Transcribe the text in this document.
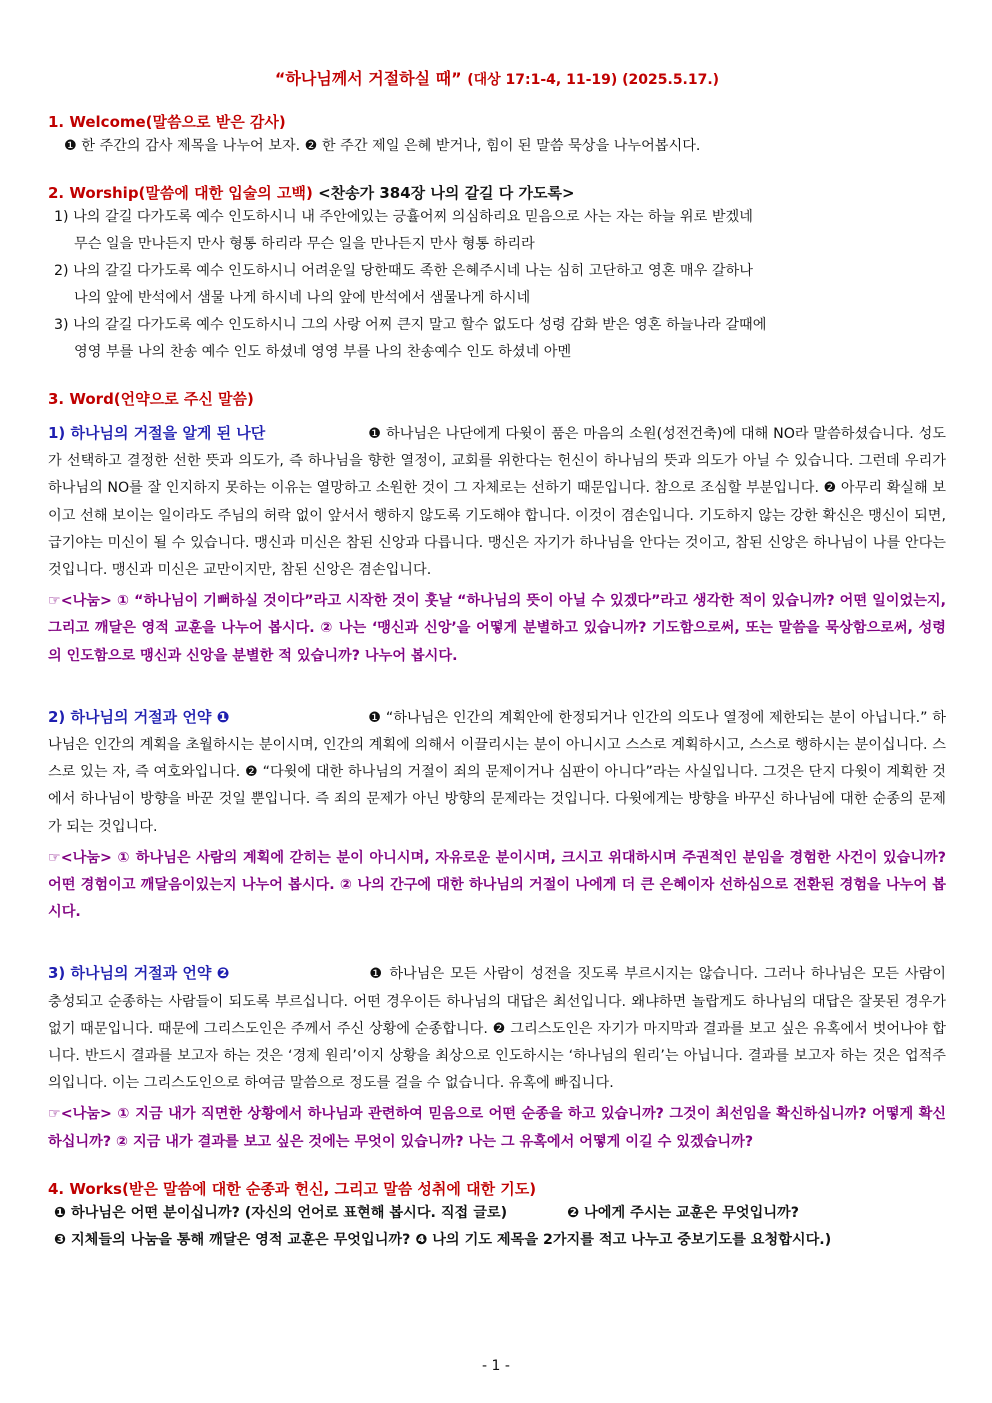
“하나님께서 거절하실 때” (대상 17:1-4, 11-19) (2025.5.17.)
1. Welcome(말씀으로 받은 감사)
❶ 한 주간의 감사 제목을 나누어 보자. ❷ 한 주간 제일 은혜 받거나, 힘이 된 말씀 묵상을 나누어봅시다.
2. Worship(말씀에 대한 입술의 고백) <찬송가 384장 나의 갈길 다 가도록>
1) 나의 갈길 다가도록 예수 인도하시니 내 주안에있는 긍휼어찌 의심하리요 믿음으로 사는 자는 하늘 위로 받겠네
무슨 일을 만나든지 만사 형통 하리라 무슨 일을 만나든지 만사 형통 하리라
2) 나의 갈길 다가도록 예수 인도하시니 어려운일 당한때도 족한 은혜주시네 나는 심히 고단하고 영혼 매우 갈하나
나의 앞에 반석에서 샘물 나게 하시네 나의 앞에 반석에서 샘물나게 하시네
3) 나의 갈길 다가도록 예수 인도하시니 그의 사랑 어찌 큰지 말고 할수 없도다 성령 감화 받은 영혼 하늘나라 갈때에
영영 부를 나의 찬송 예수 인도 하셨네 영영 부를 나의 찬송예수 인도 하셨네 아멘
3. Word(언약으로 주신 말씀)

1) 하나님의 거절을 알게 된 나단	❶ 하나님은 나단에게 다윗이 품은 마음의 소원(성전건축)에 대해 NO라 말씀하셨습니다. 성도가 선택하고 결정한 선한 뜻과 의도가, 즉 하나님을 향한 열정이, 교회를 위한다는 헌신이 하나님의 뜻과 의도가 아닐 수 있습니다. 그런데 우리가 하나님의 NO를 잘 인지하지 못하는 이유는 열망하고 소원한 것이 그 자체로는 선하기 때문입니다. 참으로 조심할 부분입니다. ❷ 아무리 확실해 보이고 선해 보이는 일이라도 주님의 허락 없이 앞서서 행하지 않도록 기도해야 합니다. 이것이 겸손입니다. 기도하지 않는 강한 확신은 맹신이 되면, 급기야는 미신이 될 수 있습니다. 맹신과 미신은 참된 신앙과 다릅니다. 맹신은 자기가 하나님을 안다는 것이고, 참된 신앙은 하나님이 나를 안다는 것입니다. 맹신과 미신은 교만이지만, 참된 신앙은 겸손입니다.

☞<나눔> ① “하나님이 기뻐하실 것이다”라고 시작한 것이 훗날 “하나님의 뜻이 아닐 수 있겠다”라고 생각한 적이 있습니까? 어떤 일이었는지, 그리고 깨달은 영적 교훈을 나누어 봅시다. ② 나는 ‘맹신과 신앙’을 어떻게 분별하고 있습니까? 기도함으로써, 또는 말씀을 묵상함으로써, 성령의 인도함으로 맹신과 신앙을 분별한 적 있습니까? 나누어 봅시다.

2) 하나님의 거절과 언약 ❶	❶ “하나님은 인간의 계획안에 한정되거나 인간의 의도나 열정에 제한되는 분이 아닙니다.” 하나님은 인간의 계획을 초월하시는 분이시며, 인간의 계획에 의해서 이끌리시는 분이 아니시고 스스로 계획하시고, 스스로 행하시는 분이십니다. 스스로 있는 자, 즉 여호와입니다. ❷ “다윗에 대한 하나님의 거절이 죄의 문제이거나 심판이 아니다”라는 사실입니다. 그것은 단지 다윗이 계획한 것에서 하나님이 방향을 바꾼 것일 뿐입니다. 즉 죄의 문제가 아닌 방향의 문제라는 것입니다. 다윗에게는 방향을 바꾸신 하나님에 대한 순종의 문제가 되는 것입니다.

☞<나눔> ① 하나님은 사람의 계획에 갇히는 분이 아니시며, 자유로운 분이시며, 크시고 위대하시며 주권적인 분임을 경험한 사건이 있습니까? 어떤 경험이고 깨달음이있는지 나누어 봅시다. ② 나의 간구에 대한 하나님의 거절이 나에게 더 큰 은혜이자 선하심으로 전환된 경험을 나누어 봅시다.

3) 하나님의 거절과 언약 ❷	❶ 하나님은 모든 사람이 성전을 짓도록 부르시지는 않습니다. 그러나 하나님은 모든 사람이 충성되고 순종하는 사람들이 되도록 부르십니다. 어떤 경우이든 하나님의 대답은 최선입니다. 왜냐하면 놀랍게도 하나님의 대답은 잘못된 경우가 없기 때문입니다. 때문에 그리스도인은 주께서 주신 상황에 순종합니다. ❷ 그리스도인은 자기가 마지막과 결과를 보고 싶은 유혹에서 벗어나야 합니다. 반드시 결과를 보고자 하는 것은 ‘경제 원리’이지 상황을 최상으로 인도하시는 ‘하나님의 원리’는 아닙니다. 결과를 보고자 하는 것은 업적주의입니다. 이는 그리스도인으로 하여금 말씀으로 정도를 걸을 수 없습니다. 유혹에 빠집니다.

☞<나눔> ① 지금 내가 직면한 상황에서 하나님과 관련하여 믿음으로 어떤 순종을 하고 있습니까? 그것이 최선임을 확신하십니까? 어떻게 확신하십니까? ② 지금 내가 결과를 보고 싶은 것에는 무엇이 있습니까? 나는 그 유혹에서 어떻게 이길 수 있겠습니까?

4. Works(받은 말씀에 대한 순종과 헌신, 그리고 말씀 성취에 대한 기도)
❶ 하나님은 어떤 분이십니까? (자신의 언어로 표현해 봅시다. 직접 글로)	❷ 나에게 주시는 교훈은 무엇입니까?
❸ 지체들의 나눔을 통해 깨달은 영적 교훈은 무엇입니까? ❹ 나의 기도 제목을 2가지를 적고 나누고 중보기도를 요청합시다.)
- 1 -
